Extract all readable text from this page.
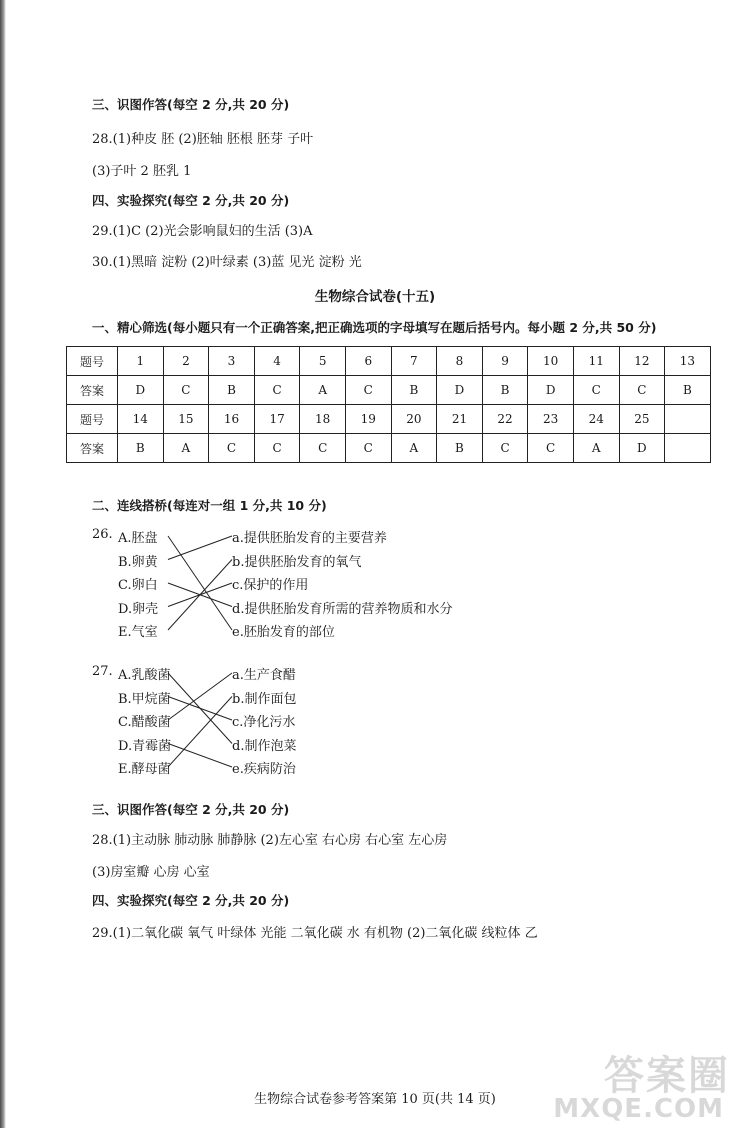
三、识图作答(每空 2 分,共 20 分)
28.(1)种皮 胚 (2)胚轴 胚根 胚芽 子叶
(3)子叶 2 胚乳 1
四、实验探究(每空 2 分,共 20 分)
29.(1)C (2)光会影响鼠妇的生活 (3)A
30.(1)黑暗 淀粉 (2)叶绿素 (3)蓝 见光 淀粉 光
生物综合试卷(十五)
一、精心筛选(每小题只有一个正确答案,把正确选项的字母填写在题后括号内。每小题 2 分,共 50 分)
题号	1	2	3	4	5	6	7	8	9	10	11	12	13
答案	D	C	B	C	A	C	B	D	B	D	C	C	B
题号	14	15	16	17	18	19	20	21	22	23	24	25	
答案	B	A	C	C	C	C	A	B	C	C	A	D	
二、连线搭桥(每连对一组 1 分,共 10 分)
26. A.胚盘
B.卵黄
C.卵白
D.卵壳
E.气室
a.提供胚胎发育的主要营养
b.提供胚胎发育的氧气
c.保护的作用
d.提供胚胎发育所需的营养物质和水分
e.胚胎发育的部位
27. A.乳酸菌
B.甲烷菌
C.醋酸菌
D.青霉菌
E.酵母菌
a.生产食醋
b.制作面包
c.净化污水
d.制作泡菜
e.疾病防治
三、识图作答(每空 2 分,共 20 分)
28.(1)主动脉 肺动脉 肺静脉 (2)左心室 右心房 右心室 左心房
(3)房室瓣 心房 心室
四、实验探究(每空 2 分,共 20 分)
29.(1)二氧化碳 氧气 叶绿体 光能 二氧化碳 水 有机物 (2)二氧化碳 线粒体 乙
生物综合试卷参考答案第 10 页(共 14 页)
答案圈
MXQE.COM
